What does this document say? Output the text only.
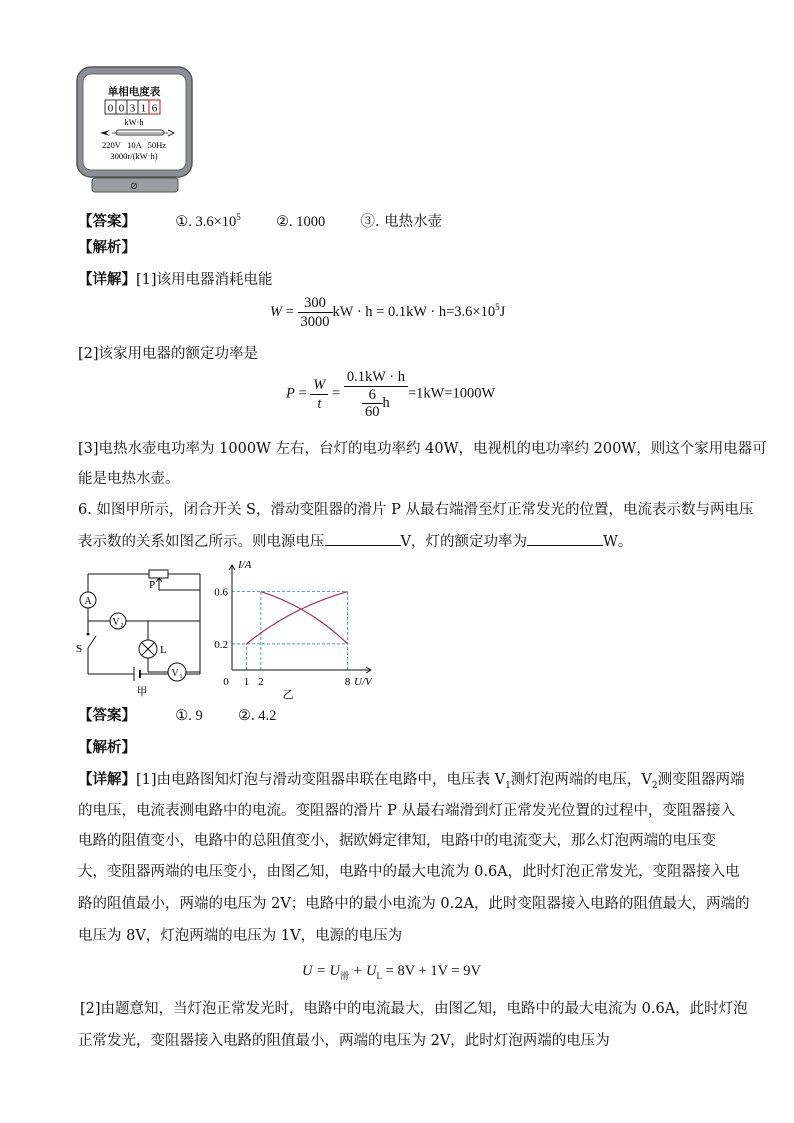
⊘
单相电度表
0 0 3 1 6
kW·h
220V   10A   50Hz
3000r/(kW·h)
【答案】	①. $3.6\times 10^5$ ②. 1000 ③. 电热水壶
【解析】
【详解】[1]该用电器消耗电能
$W = \frac{300}{3000}$ kW · $h = 0.1kW \cdot h=3.6\times 10^5J$
[2]该家用电器的额定功率是
$P = \frac{W}{t} = \frac{0.1kW \cdot h}{\frac{6}{60} h} =1kW=1000W$
[3]电热水壶电功率为 1000W 左右，台灯的电功率约 40W，电视机的电功率约 200W，则这个家用电器可
能是电热水壶。
6. 如图甲所示，闭合开关 S，滑动变阻器的滑片 P 从最右端滑至灯正常发光的位置，电流表示数与两电压
表示数的关系如图乙所示。则电源电压	V，灯的额定功率为	W。
P
A
V 2
S	L
V 1
甲
I/A
U/V
0 1 2	8
0.2
0.6
乙
【答案】	①. 9 ②. 4.2
【解析】
【详解】[1]由电路图知灯泡与滑动变阻器串联在电路中，电压表 $V_1$测灯泡两端的电压，$V_2$测变阻器两端
的电压，电流表测电路中的电流。变阻器的滑片 P 从最右端滑到灯正常发光位置的过程中，变阻器接入
电路的阻值变小，电路中的总阻值变小，据欧姆定律知，电路中的电流变大，那么灯泡两端的电压变
大，变阻器两端的电压变小，由图乙知，电路中的最大电流为 0.6A，此时灯泡正常发光，变阻器接入电
路的阻值最小，两端的电压为 2V；电路中的最小电流为 0.2A，此时变阻器接入电路的阻值最大，两端的
电压为 8V，灯泡两端的电压为 1V，电源的电压为
$U = U_滑 + U_L = 8V + 1V = 9V$
[2]由题意知，当灯泡正常发光时，电路中的电流最大，由图乙知，电路中的最大电流为 0.6A，此时灯泡
正常发光，变阻器接入电路的阻值最小，两端的电压为 2V，此时灯泡两端的电压为
